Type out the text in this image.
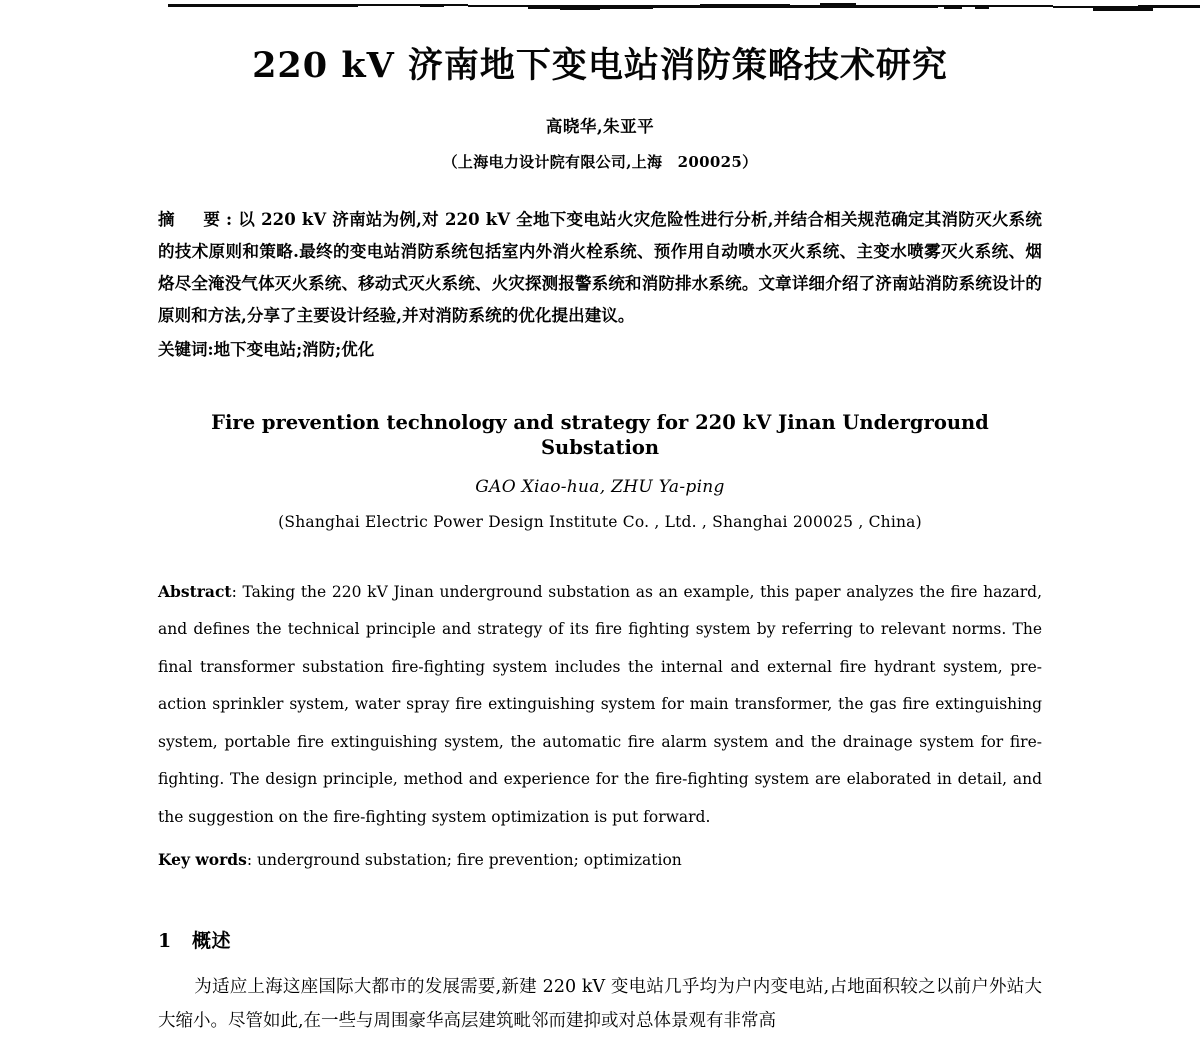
220 kV 济南地下变电站消防策略技术研究
高晓华,朱亚平
（上海电力设计院有限公司,上海　200025）
摘　要:以 220 kV 济南站为例,对 220 kV 全地下变电站火灾危险性进行分析,并结合相关规范确定其消防灭火系统的技术原则和策略.最终的变电站消防系统包括室内外消火栓系统、预作用自动喷水灭火系统、主变水喷雾灭火系统、烟烙尽全淹没气体灭火系统、移动式灭火系统、火灾探测报警系统和消防排水系统。文章详细介绍了济南站消防系统设计的原则和方法,分享了主要设计经验,并对消防系统的优化提出建议。
关键词:地下变电站;消防;优化
Fire prevention technology and strategy for 220 kV Jinan Underground Substation
GAO Xiao-hua, ZHU Ya-ping
(Shanghai Electric Power Design Institute Co. , Ltd. , Shanghai 200025 , China)
Abstract: Taking the 220 kV Jinan underground substation as an example, this paper analyzes the fire hazard, and defines the technical principle and strategy of its fire fighting system by referring to relevant norms. The final transformer substation fire-fighting system includes the internal and external fire hydrant system, pre-action sprinkler system, water spray fire extinguishing system for main transformer, the gas fire extinguishing system, portable fire extinguishing system, the automatic fire alarm system and the drainage system for fire-fighting. The design principle, method and experience for the fire-fighting system are elaborated in detail, and the suggestion on the fire-fighting system optimization is put forward.
Key words: underground substation; fire prevention; optimization
1 概述

为适应上海这座国际大都市的发展需要,新建 220 kV 变电站几乎均为户内变电站,占地面积较之以前户外站大大缩小。尽管如此,在一些与周围豪华高层建筑毗邻而建抑或对总体景观有非常高
